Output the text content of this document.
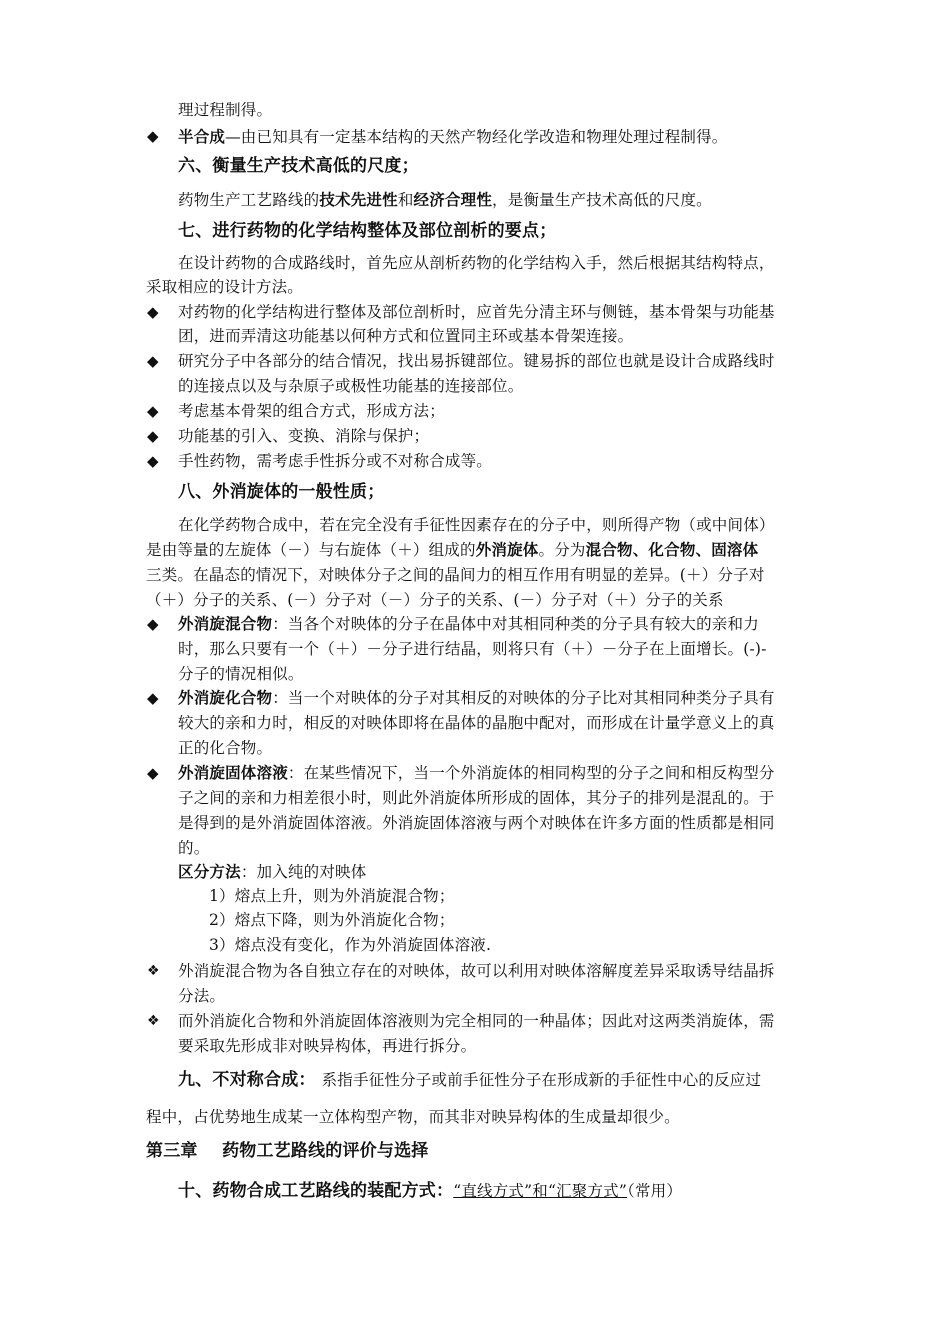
理过程制得。
◆ 半合成—由已知具有一定基本结构的天然产物经化学改造和物理处理过程制得。
六、衡量生产技术高低的尺度；
药物生产工艺路线的技术先进性和经济合理性，是衡量生产技术高低的尺度。
七、进行药物的化学结构整体及部位剖析的要点；
在设计药物的合成路线时，首先应从剖析药物的化学结构入手，然后根据其结构特点，
采取相应的设计方法。
◆ 对药物的化学结构进行整体及部位剖析时，应首先分清主环与侧链，基本骨架与功能基
团，进而弄清这功能基以何种方式和位置同主环或基本骨架连接。
◆ 研究分子中各部分的结合情况，找出易拆键部位。键易拆的部位也就是设计合成路线时
的连接点以及与杂原子或极性功能基的连接部位。
◆ 考虑基本骨架的组合方式，形成方法；
◆ 功能基的引入、变换、消除与保护；
◆ 手性药物，需考虑手性拆分或不对称合成等。
八、外消旋体的一般性质；
在化学药物合成中，若在完全没有手征性因素存在的分子中，则所得产物（或中间体）
是由等量的左旋体（－）与右旋体（＋）组成的外消旋体。分为混合物、化合物、固溶体
三类。在晶态的情况下，对映体分子之间的晶间力的相互作用有明显的差异。(＋）分子对
（＋）分子的关系、(－）分子对（－）分子的关系、(－）分子对（＋）分子的关系
◆ 外消旋混合物：当各个对映体的分子在晶体中对其相同种类的分子具有较大的亲和力
时，那么只要有一个（＋）－分子进行结晶，则将只有（＋）－分子在上面增长。(-)-
分子的情况相似。
◆ 外消旋化合物：当一个对映体的分子对其相反的对映体的分子比对其相同种类分子具有
较大的亲和力时，相反的对映体即将在晶体的晶胞中配对，而形成在计量学意义上的真
正的化合物。
◆ 外消旋固体溶液：在某些情况下，当一个外消旋体的相同构型的分子之间和相反构型分
子之间的亲和力相差很小时，则此外消旋体所形成的固体，其分子的排列是混乱的。于
是得到的是外消旋固体溶液。外消旋固体溶液与两个对映体在许多方面的性质都是相同
的。
区分方法：加入纯的对映体
1）熔点上升，则为外消旋混合物；
2）熔点下降，则为外消旋化合物；
3）熔点没有变化，作为外消旋固体溶液.
❖ 外消旋混合物为各自独立存在的对映体，故可以利用对映体溶解度差异采取诱导结晶拆
分法。
❖ 而外消旋化合物和外消旋固体溶液则为完全相同的一种晶体；因此对这两类消旋体，需
要采取先形成非对映异构体，再进行拆分。
九、不对称合成： 系指手征性分子或前手征性分子在形成新的手征性中心的反应过
程中，占优势地生成某一立体构型产物，而其非对映异构体的生成量却很少。
第三章    药物工艺路线的评价与选择
十、药物合成工艺路线的装配方式：“直线方式”和“汇聚方式”（常用）
